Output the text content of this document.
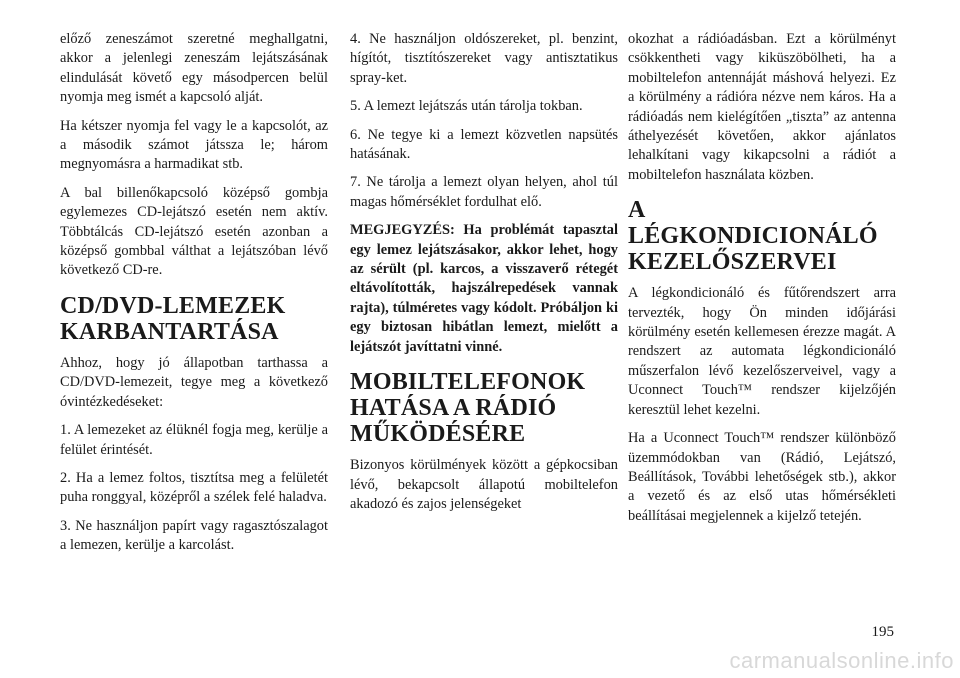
előző zeneszámot szeretné meghallgatni, akkor a jelenlegi zeneszám lejátszásának elindulását követő egy másodpercen belül nyomja meg ismét a kapcsoló alját.

Ha kétszer nyomja fel vagy le a kapcsolót, az a második számot játssza le; három megnyomásra a harmadikat stb.

A bal billenőkapcsoló középső gombja egylemezes CD-lejátszó esetén nem aktív. Többtálcás CD-lejátszó esetén azonban a középső gombbal válthat a lejátszóban lévő következő CD-re.

CD/DVD-LEMEZEK
KARBANTARTÁSA

Ahhoz, hogy jó állapotban tarthassa a CD/DVD-lemezeit, tegye meg a következő óvintézkedéseket:

1. A lemezeket az élüknél fogja meg, kerülje a felület érintését.

2. Ha a lemez foltos, tisztítsa meg a felületét puha ronggyal, középről a szélek felé haladva.

3. Ne használjon papírt vagy ragasztószalagot a lemezen, kerülje a karcolást.

4. Ne használjon oldószereket, pl. benzint, hígítót, tisztítószereket vagy antisztatikus spray-ket.

5. A lemezt lejátszás után tárolja tokban.

6. Ne tegye ki a lemezt közvetlen napsütés hatásának.

7. Ne tárolja a lemezt olyan helyen, ahol túl magas hőmérséklet fordulhat elő.

MEGJEGYZÉS: Ha problémát tapasztal egy lemez lejátszásakor, akkor lehet, hogy az sérült (pl. karcos, a visszaverő rétegét eltávolították, hajszálrepedések vannak rajta), túlméretes vagy kódolt. Próbáljon ki egy biztosan hibátlan lemezt, mielőtt a lejátszót javíttatni vinné.

MOBILTELEFONOK
HATÁSA A RÁDIÓ
MŰKÖDÉSÉRE

Bizonyos körülmények között a gépkocsiban lévő, bekapcsolt állapotú mobiltelefon akadozó és zajos jelenségeket

okozhat a rádióadásban. Ezt a körülményt csökkentheti vagy kiküszöbölheti, ha a mobiltelefon antennáját máshová helyezi. Ez a körülmény a rádióra nézve nem káros. Ha a rádióadás nem kielégítően „tiszta” az antenna áthelyezését követően, akkor ajánlatos lehalkítani vagy kikapcsolni a rádiót a mobiltelefon használata közben.

A LÉGKONDICIONÁLÓ
KEZELŐSZERVEI

A légkondicionáló és fűtőrendszert arra tervezték, hogy Ön minden időjárási körülmény esetén kellemesen érezze magát. A rendszert az automata légkondicionáló műszerfalon lévő kezelőszerveivel, vagy a Uconnect Touch™ rendszer kijelzőjén keresztül lehet kezelni.

Ha a Uconnect Touch™ rendszer különböző üzemmódokban van (Rádió, Lejátszó, Beállítások, További lehetőségek stb.), akkor a vezető és az első utas hőmérsékleti beállításai megjelennek a kijelző tetején.

195
carmanualsonline.info
